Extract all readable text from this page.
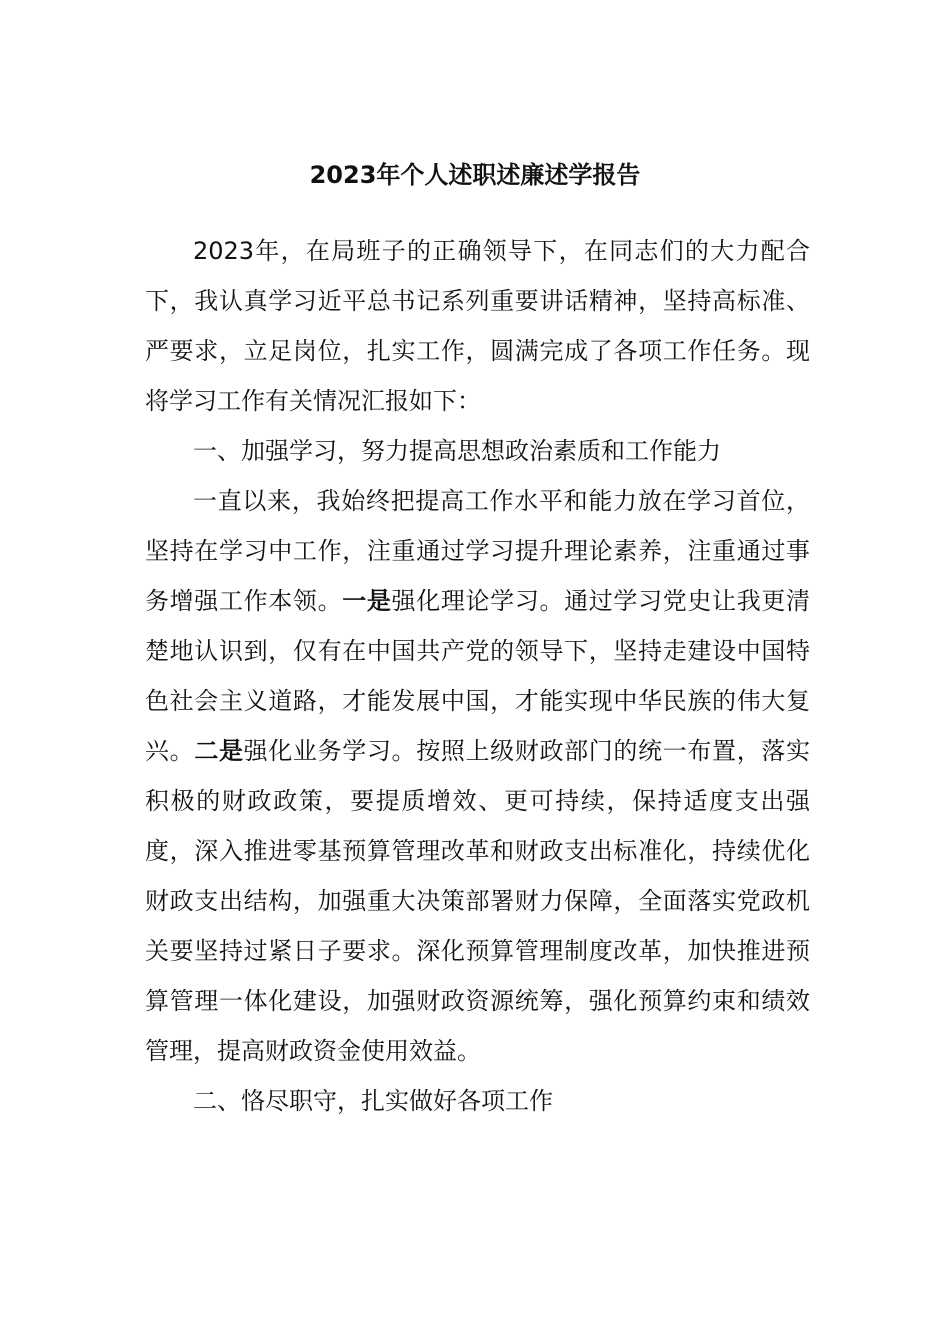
2023年个人述职述廉述学报告

2023年，在局班子的正确领导下，在同志们的大力配合下，我认真学习近平总书记系列重要讲话精神，坚持高标准、严要求，立足岗位，扎实工作，圆满完成了各项工作任务。现将学习工作有关情况汇报如下：

一、加强学习，努力提高思想政治素质和工作能力

一直以来，我始终把提高工作水平和能力放在学习首位，坚持在学习中工作，注重通过学习提升理论素养，注重通过事务增强工作本领。一是强化理论学习。通过学习党史让我更清楚地认识到，仅有在中国共产党的领导下，坚持走建设中国特色社会主义道路，才能发展中国，才能实现中华民族的伟大复兴。二是强化业务学习。按照上级财政部门的统一布置，落实积极的财政政策，要提质增效、更可持续，保持适度支出强度，深入推进零基预算管理改革和财政支出标准化，持续优化财政支出结构，加强重大决策部署财力保障，全面落实党政机关要坚持过紧日子要求。深化预算管理制度改革，加快推进预算管理一体化建设，加强财政资源统筹，强化预算约束和绩效管理，提高财政资金使用效益。

二、恪尽职守，扎实做好各项工作
